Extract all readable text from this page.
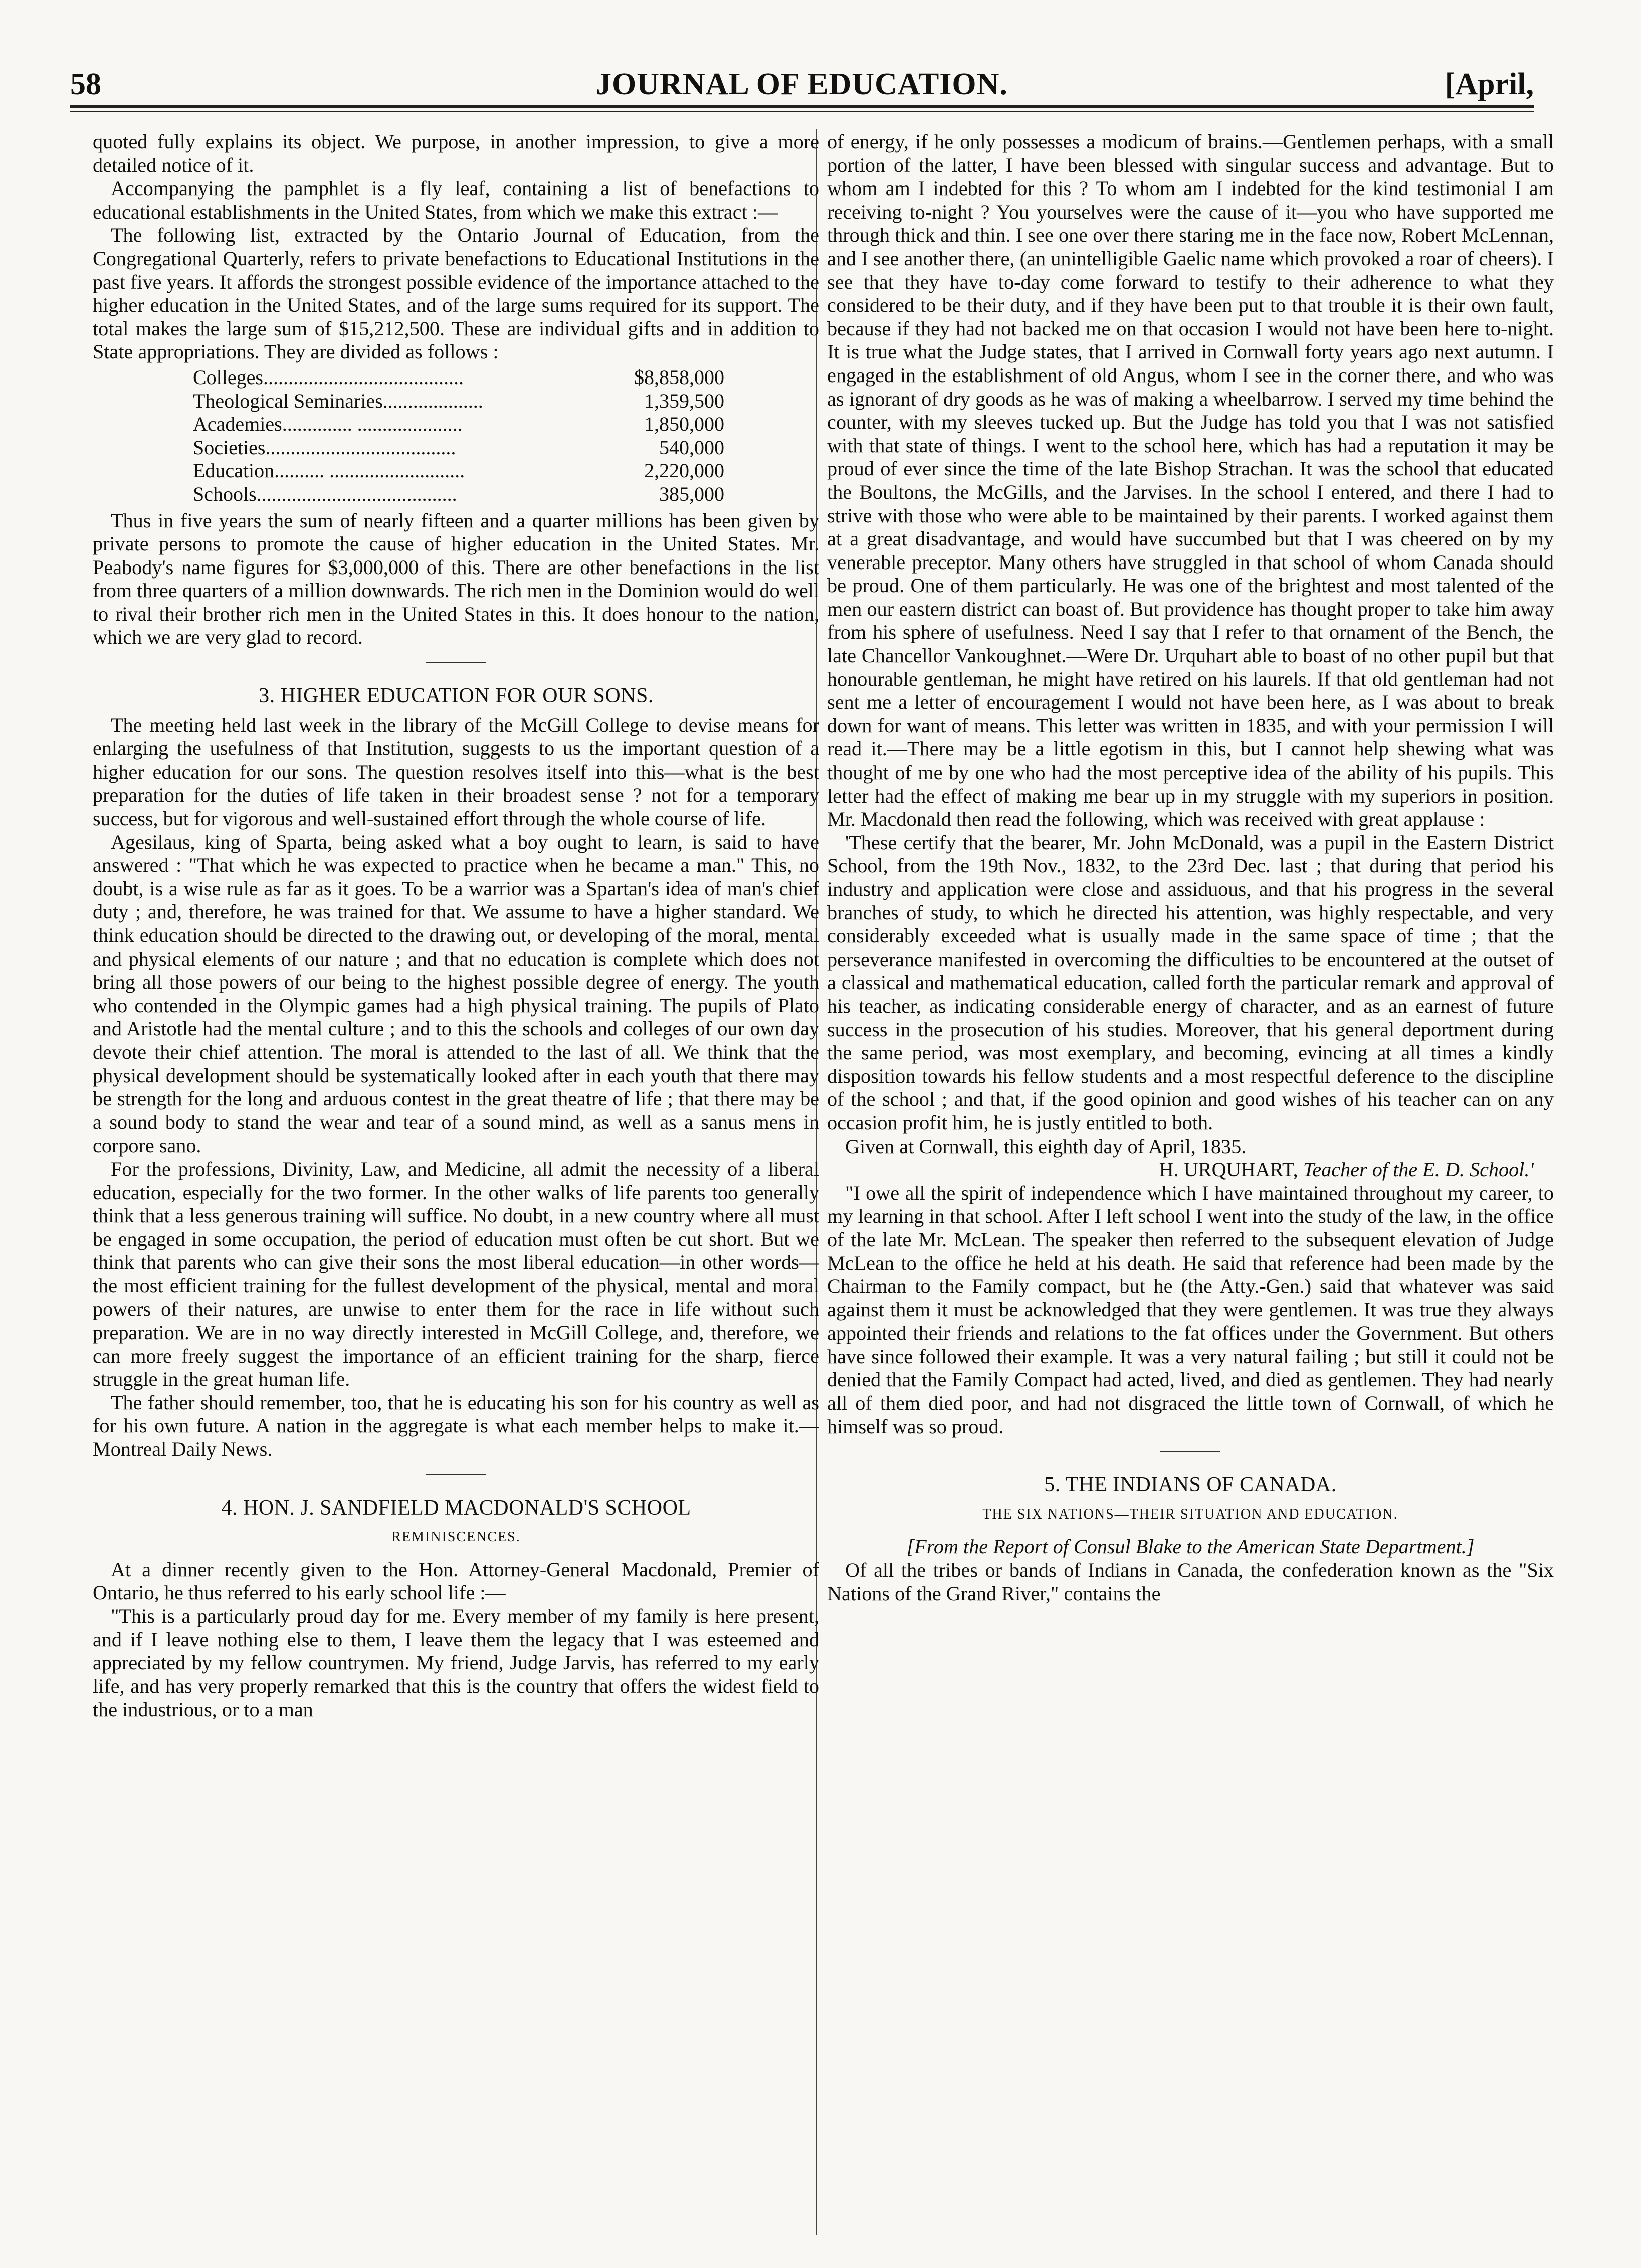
58	JOURNAL OF EDUCATION.	[April,

quoted fully explains its object. We purpose, in another impression, to give a more detailed notice of it.

Accompanying the pamphlet is a fly leaf, containing a list of benefactions to educational establishments in the United States, from which we make this extract :—

The following list, extracted by the Ontario Journal of Education, from the Congregational Quarterly, refers to private benefactions to Educational Institutions in the past five years. It affords the strongest possible evidence of the importance attached to the higher education in the United States, and of the large sums required for its support. The total makes the large sum of $15,212,500. These are individual gifts and in addition to State appropriations. They are divided as follows :

Colleges........................................	$8,858,000
Theological Seminaries....................	1,359,500
Academies.............. .....................	1,850,000
Societies......................................	540,000
Education.......... ...........................	2,220,000
Schools........................................	385,000

Thus in five years the sum of nearly fifteen and a quarter millions has been given by private persons to promote the cause of higher education in the United States. Mr. Peabody's name figures for $3,000,000 of this. There are other benefactions in the list from three quarters of a million downwards. The rich men in the Dominion would do well to rival their brother rich men in the United States in this. It does honour to the nation, which we are very glad to record.

3. HIGHER EDUCATION FOR OUR SONS.

The meeting held last week in the library of the McGill College to devise means for enlarging the usefulness of that Institution, suggests to us the important question of a higher education for our sons. The question resolves itself into this—what is the best preparation for the duties of life taken in their broadest sense ? not for a temporary success, but for vigorous and well-sustained effort through the whole course of life.

Agesilaus, king of Sparta, being asked what a boy ought to learn, is said to have answered : "That which he was expected to practice when he became a man." This, no doubt, is a wise rule as far as it goes. To be a warrior was a Spartan's idea of man's chief duty ; and, therefore, he was trained for that. We assume to have a higher standard. We think education should be directed to the drawing out, or developing of the moral, mental and physical elements of our nature ; and that no education is complete which does not bring all those powers of our being to the highest possible degree of energy. The youth who contended in the Olympic games had a high physical training. The pupils of Plato and Aristotle had the mental culture ; and to this the schools and colleges of our own day devote their chief attention. The moral is attended to the last of all. We think that the physical development should be systematically looked after in each youth that there may be strength for the long and arduous contest in the great theatre of life ; that there may be a sound body to stand the wear and tear of a sound mind, as well as a sanus mens in corpore sano.

For the professions, Divinity, Law, and Medicine, all admit the necessity of a liberal education, especially for the two former. In the other walks of life parents too generally think that a less generous training will suffice. No doubt, in a new country where all must be engaged in some occupation, the period of education must often be cut short. But we think that parents who can give their sons the most liberal education—in other words—the most efficient training for the fullest development of the physical, mental and moral powers of their natures, are unwise to enter them for the race in life without such preparation. We are in no way directly interested in McGill College, and, therefore, we can more freely suggest the importance of an efficient training for the sharp, fierce struggle in the great human life.

The father should remember, too, that he is educating his son for his country as well as for his own future. A nation in the aggregate is what each member helps to make it.—Montreal Daily News.

4. HON. J. SANDFIELD MACDONALD'S SCHOOL
REMINISCENCES.

At a dinner recently given to the Hon. Attorney-General Macdonald, Premier of Ontario, he thus referred to his early school life :—

"This is a particularly proud day for me. Every member of my family is here present, and if I leave nothing else to them, I leave them the legacy that I was esteemed and appreciated by my fellow countrymen. My friend, Judge Jarvis, has referred to my early life, and has very properly remarked that this is the country that offers the widest field to the industrious, or to a man

of energy, if he only possesses a modicum of brains.—Gentlemen perhaps, with a small portion of the latter, I have been blessed with singular success and advantage. But to whom am I indebted for this ? To whom am I indebted for the kind testimonial I am receiving to-night ? You yourselves were the cause of it—you who have supported me through thick and thin. I see one over there staring me in the face now, Robert McLennan, and I see another there, (an unintelligible Gaelic name which provoked a roar of cheers). I see that they have to-day come forward to testify to their adherence to what they considered to be their duty, and if they have been put to that trouble it is their own fault, because if they had not backed me on that occasion I would not have been here to-night. It is true what the Judge states, that I arrived in Cornwall forty years ago next autumn. I engaged in the establishment of old Angus, whom I see in the corner there, and who was as ignorant of dry goods as he was of making a wheelbarrow. I served my time behind the counter, with my sleeves tucked up. But the Judge has told you that I was not satisfied with that state of things. I went to the school here, which has had a reputation it may be proud of ever since the time of the late Bishop Strachan. It was the school that educated the Boultons, the McGills, and the Jarvises. In the school I entered, and there I had to strive with those who were able to be maintained by their parents. I worked against them at a great disadvantage, and would have succumbed but that I was cheered on by my venerable preceptor. Many others have struggled in that school of whom Canada should be proud. One of them particularly. He was one of the brightest and most talented of the men our eastern district can boast of. But providence has thought proper to take him away from his sphere of usefulness. Need I say that I refer to that ornament of the Bench, the late Chancellor Vankoughnet.—Were Dr. Urquhart able to boast of no other pupil but that honourable gentleman, he might have retired on his laurels. If that old gentleman had not sent me a letter of encouragement I would not have been here, as I was about to break down for want of means. This letter was written in 1835, and with your permission I will read it.—There may be a little egotism in this, but I cannot help shewing what was thought of me by one who had the most perceptive idea of the ability of his pupils. This letter had the effect of making me bear up in my struggle with my superiors in position. Mr. Macdonald then read the following, which was received with great applause :

'These certify that the bearer, Mr. John McDonald, was a pupil in the Eastern District School, from the 19th Nov., 1832, to the 23rd Dec. last ; that during that period his industry and application were close and assiduous, and that his progress in the several branches of study, to which he directed his attention, was highly respectable, and very considerably exceeded what is usually made in the same space of time ; that the perseverance manifested in overcoming the difficulties to be encountered at the outset of a classical and mathematical education, called forth the particular remark and approval of his teacher, as indicating considerable energy of character, and as an earnest of future success in the prosecution of his studies. Moreover, that his general deportment during the same period, was most exemplary, and becoming, evincing at all times a kindly disposition towards his fellow students and a most respectful deference to the discipline of the school ; and that, if the good opinion and good wishes of his teacher can on any occasion profit him, he is justly entitled to both.

Given at Cornwall, this eighth day of April, 1835.

H. URQUHART, Teacher of the E. D. School.'

"I owe all the spirit of independence which I have maintained throughout my career, to my learning in that school. After I left school I went into the study of the law, in the office of the late Mr. McLean. The speaker then referred to the subsequent elevation of Judge McLean to the office he held at his death. He said that reference had been made by the Chairman to the Family compact, but he (the Atty.-Gen.) said that whatever was said against them it must be acknowledged that they were gentlemen. It was true they always appointed their friends and relations to the fat offices under the Government. But others have since followed their example. It was a very natural failing ; but still it could not be denied that the Family Compact had acted, lived, and died as gentlemen. They had nearly all of them died poor, and had not disgraced the little town of Cornwall, of which he himself was so proud.

5. THE INDIANS OF CANADA.
THE SIX NATIONS—THEIR SITUATION AND EDUCATION.
[From the Report of Consul Blake to the American State Department.]

Of all the tribes or bands of Indians in Canada, the confederation known as the "Six Nations of the Grand River," contains the
